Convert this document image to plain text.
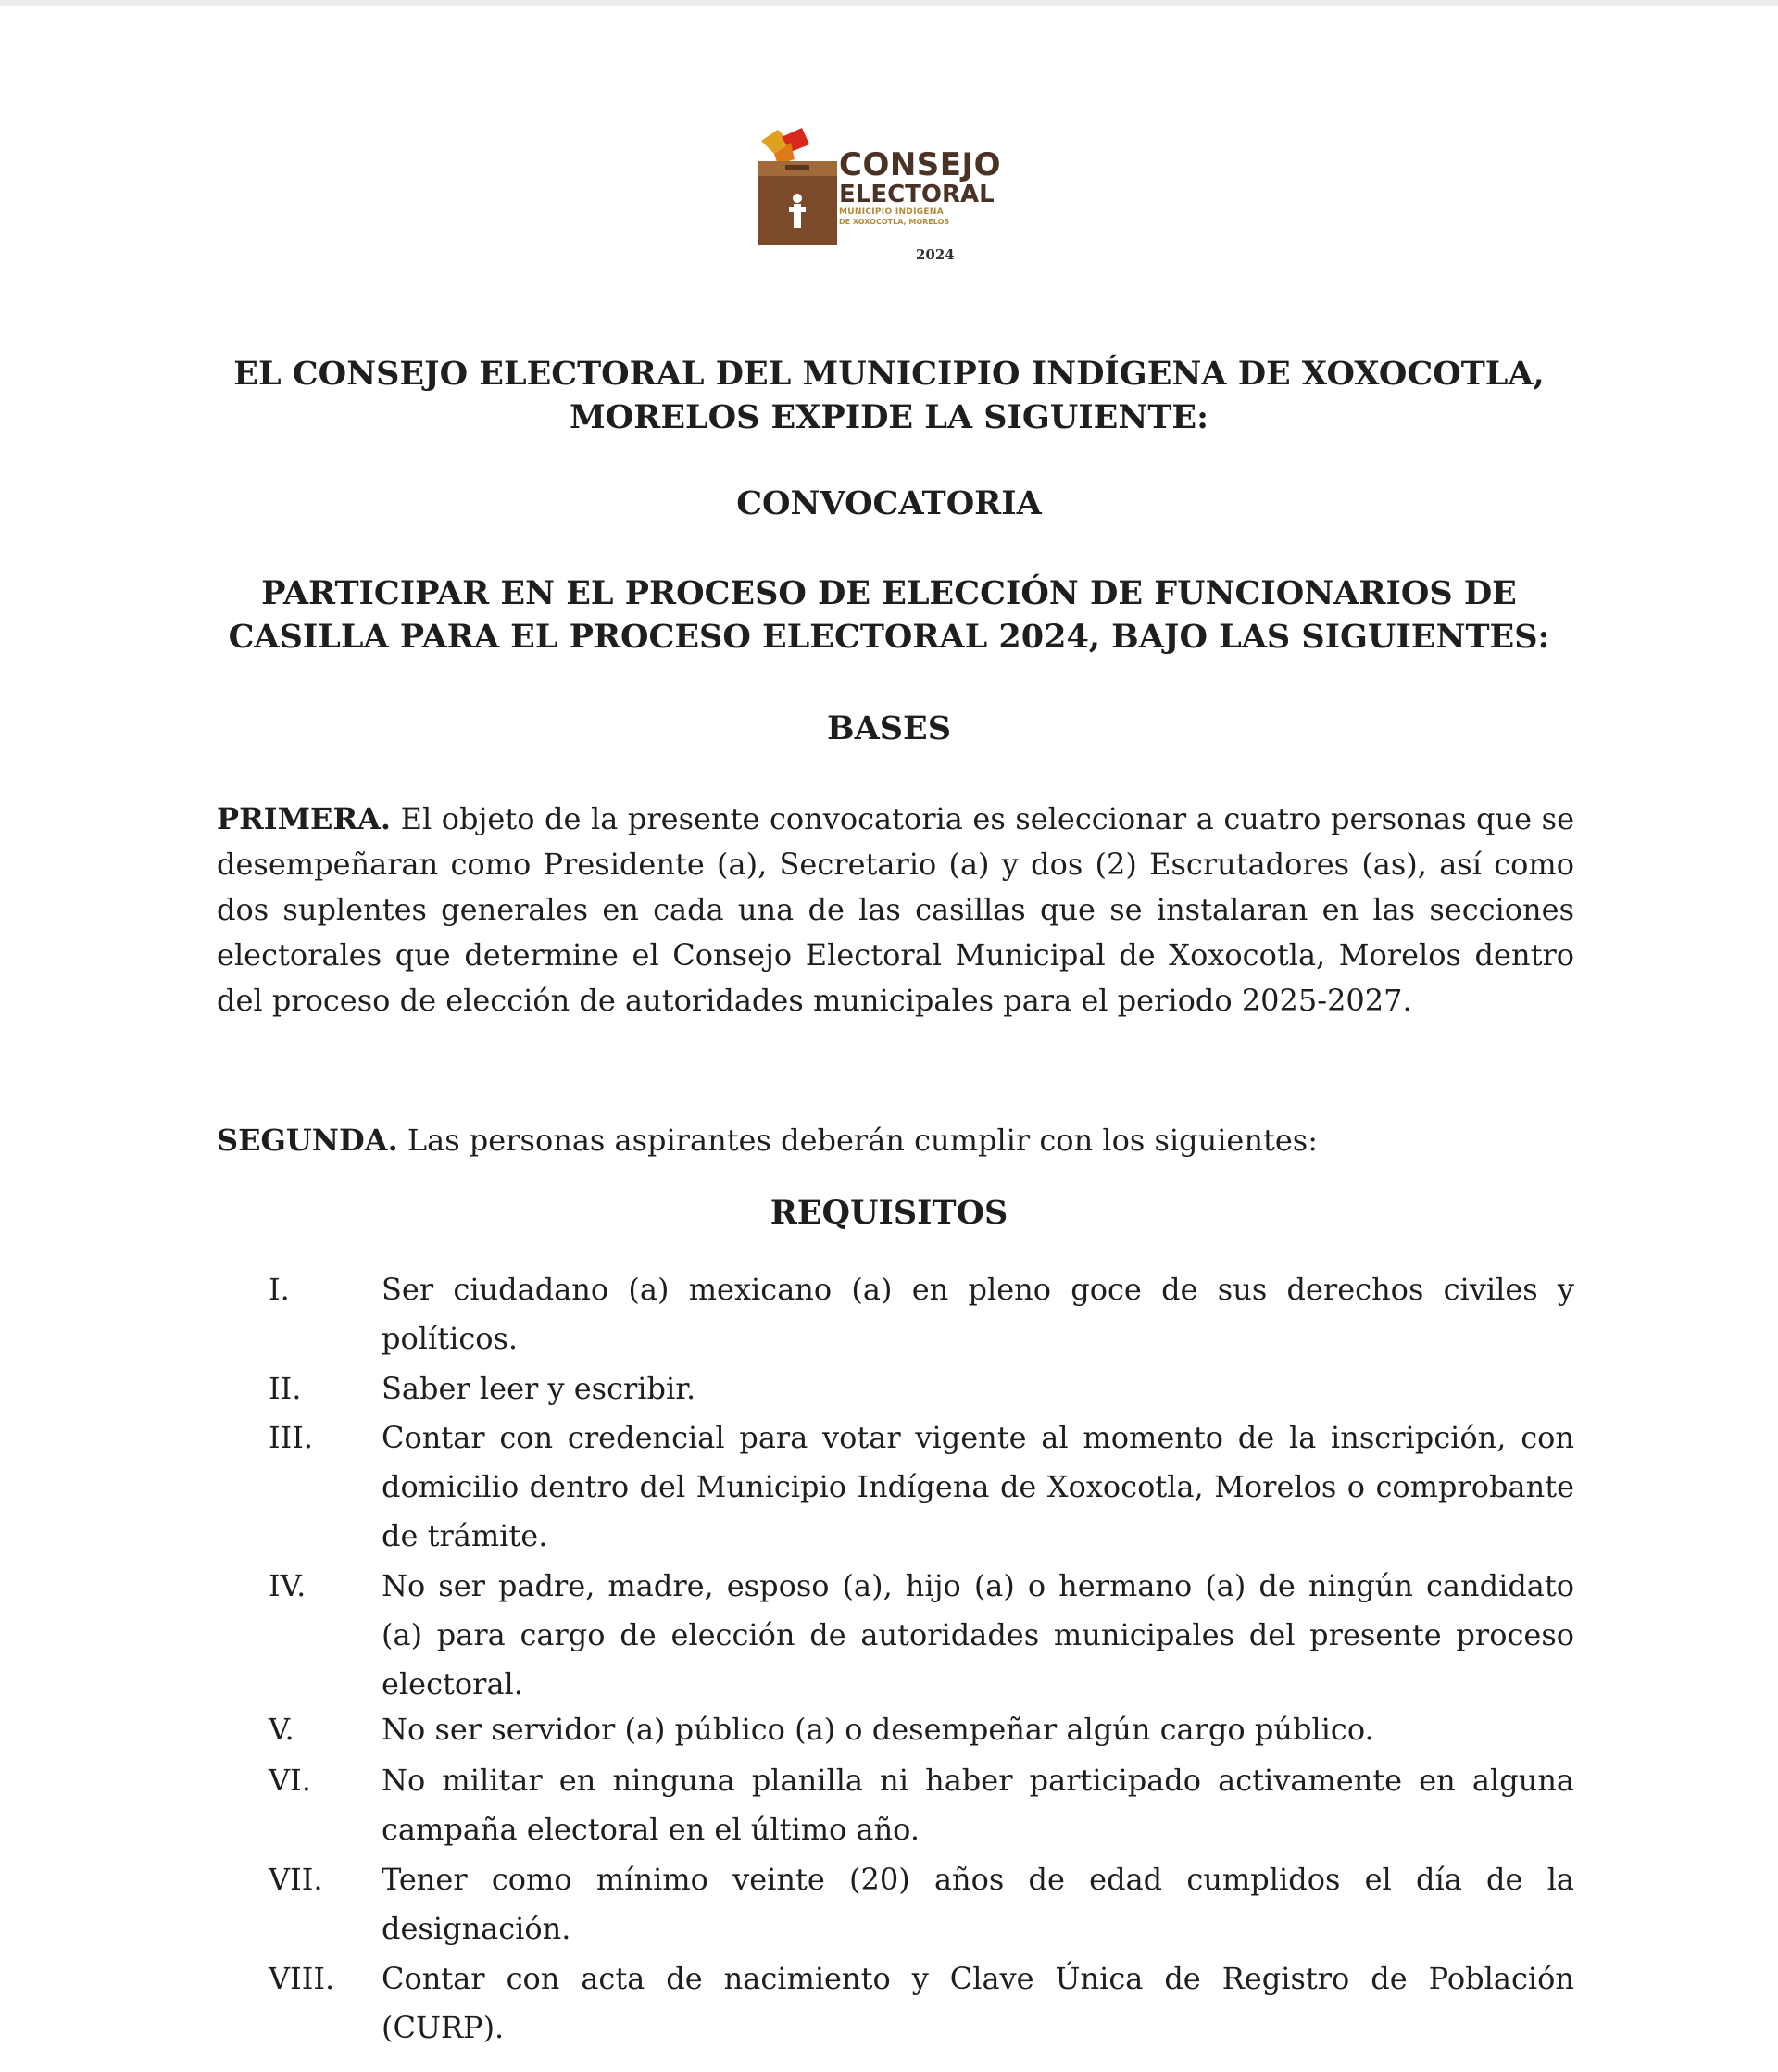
CONSEJO
ELECTORAL
MUNICIPIO INDÍGENA
DE XOXOCOTLA, MORELOS
2024
EL CONSEJO ELECTORAL DEL MUNICIPIO INDÍGENA DE XOXOCOTLA, MORELOS EXPIDE LA SIGUIENTE:
CONVOCATORIA
PARTICIPAR EN EL PROCESO DE ELECCIÓN DE FUNCIONARIOS DE CASILLA PARA EL PROCESO ELECTORAL 2024, BAJO LAS SIGUIENTES:
BASES
PRIMERA. El objeto de la presente convocatoria es seleccionar a cuatro personas que se desempeñaran como Presidente (a), Secretario (a) y dos (2) Escrutadores (as), así como dos suplentes generales en cada una de las casillas que se instalaran en las secciones electorales que determine el Consejo Electoral Municipal de Xoxocotla, Morelos dentro del proceso de elección de autoridades municipales para el periodo 2025-2027.
SEGUNDA. Las personas aspirantes deberán cumplir con los siguientes:
REQUISITOS
I.	Ser ciudadano (a) mexicano (a) en pleno goce de sus derechos civiles y políticos.
II.	Saber leer y escribir.
III.	Contar con credencial para votar vigente al momento de la inscripción, con domicilio dentro del Municipio Indígena de Xoxocotla, Morelos o comprobante de trámite.
IV.	No ser padre, madre, esposo (a), hijo (a) o hermano (a) de ningún candidato (a) para cargo de elección de autoridades municipales del presente proceso electoral.
V.	No ser servidor (a) público (a) o desempeñar algún cargo público.
VI.	No militar en ninguna planilla ni haber participado activamente en alguna campaña electoral en el último año.
VII.	Tener como mínimo veinte (20) años de edad cumplidos el día de la designación.
VIII.	Contar con acta de nacimiento y Clave Única de Registro de Población (CURP).
